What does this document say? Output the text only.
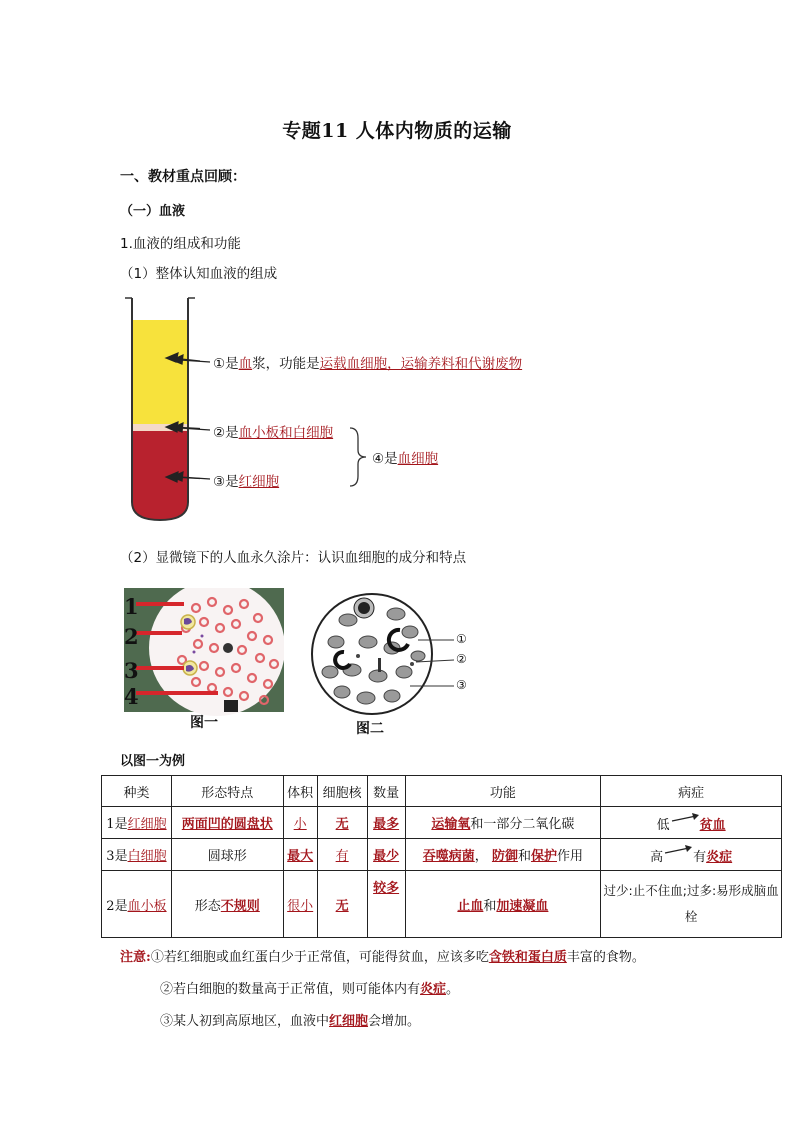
专题11 人体内物质的运输
一、教材重点回顾：
（一）血液
1.血液的组成和功能
（1）整体认知血液的组成
①是血浆，功能是运载血细胞，运输养料和代谢废物
②是血小板和白细胞
③是红细胞
④是血细胞
（2）显微镜下的人血永久涂片：认识血细胞的成分和特点
1
2
3
4
图一
①
②
③
图二
以图一为例
种类	形态特点	体积	细胞核	数量	功能	病症
1是红细胞	两面凹的圆盘状	小	无	最多	运输氧和一部分二氧化碳	低 贫血
3是白细胞	圆球形	最大	有	最少	吞噬病菌， 防御和保护作用	高 有炎症
2是血小板	形态不规则	很小	无	较多	止血和加速凝血	过少:止不住血;过多:易形成脑血栓
注意:①若红细胞或血红蛋白少于正常值，可能得贫血，应该多吃含铁和蛋白质丰富的食物。
②若白细胞的数量高于正常值，则可能体内有炎症。
③某人初到高原地区，血液中红细胞会增加。
